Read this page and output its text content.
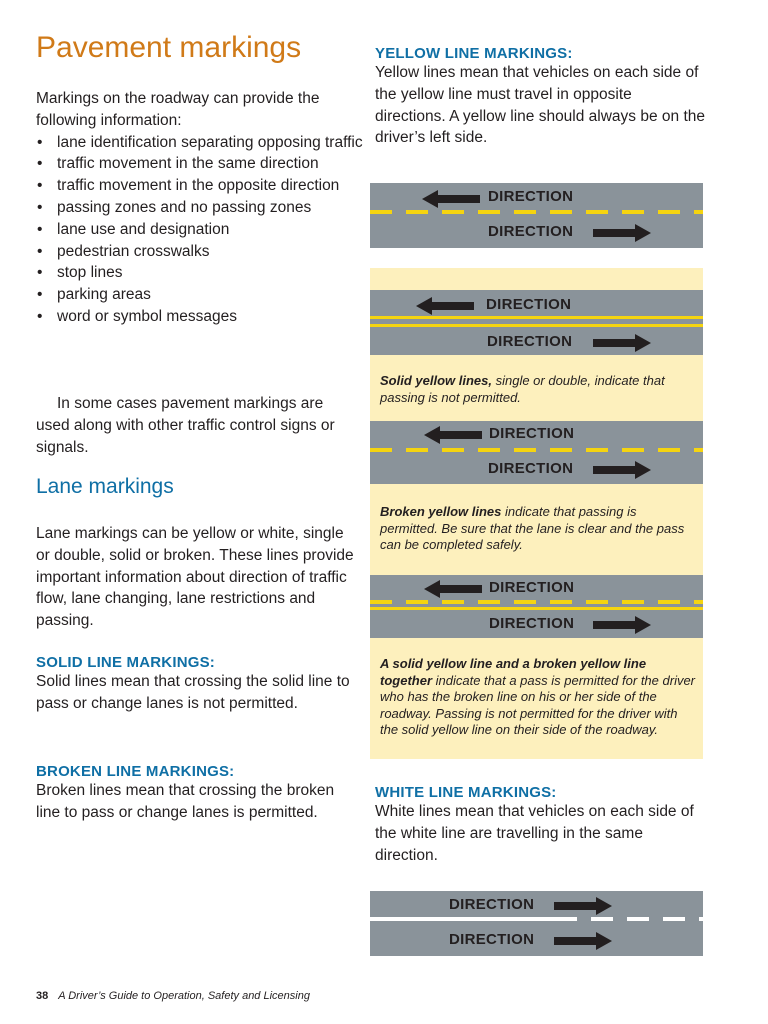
Pavement markings
Markings on the roadway can provide the following information:
• lane identification separating opposing traffic
• traffic movement in the same direction
• traffic movement in the opposite direction
• passing zones and no passing zones
• lane use and designation
• pedestrian crosswalks
• stop lines
• parking areas
• word or symbol messages
In some cases pavement markings are used along with other traffic control signs or signals.
Lane markings
Lane markings can be yellow or white, single or double, solid or broken. These lines provide important information about direction of traffic flow, lane changing, lane restrictions and passing.
SOLID LINE MARKINGS:
Solid lines mean that crossing the solid line to pass or change lanes is not permitted.
BROKEN LINE MARKINGS:
Broken lines mean that crossing the broken line to pass or change lanes is permitted.
YELLOW LINE MARKINGS:
Yellow lines mean that vehicles on each side of the yellow line must travel in opposite directions. A yellow line should always be on the driver’s left side.
DIRECTION
DIRECTION
DIRECTION
DIRECTION
Solid yellow lines, single or double, indicate that passing is not permitted.
DIRECTION
DIRECTION
Broken yellow lines indicate that passing is permitted. Be sure that the lane is clear and the pass can be completed safely.
DIRECTION
DIRECTION
A solid yellow line and a broken yellow line together indicate that a pass is permitted for the driver who has the broken line on his or her side of the roadway. Passing is not permitted for the driver with the solid yellow line on their side of the roadway.
WHITE LINE MARKINGS:
White lines mean that vehicles on each side of the white line are travelling in the same direction.
DIRECTION
DIRECTION
38 A Driver’s Guide to Operation, Safety and Licensing
